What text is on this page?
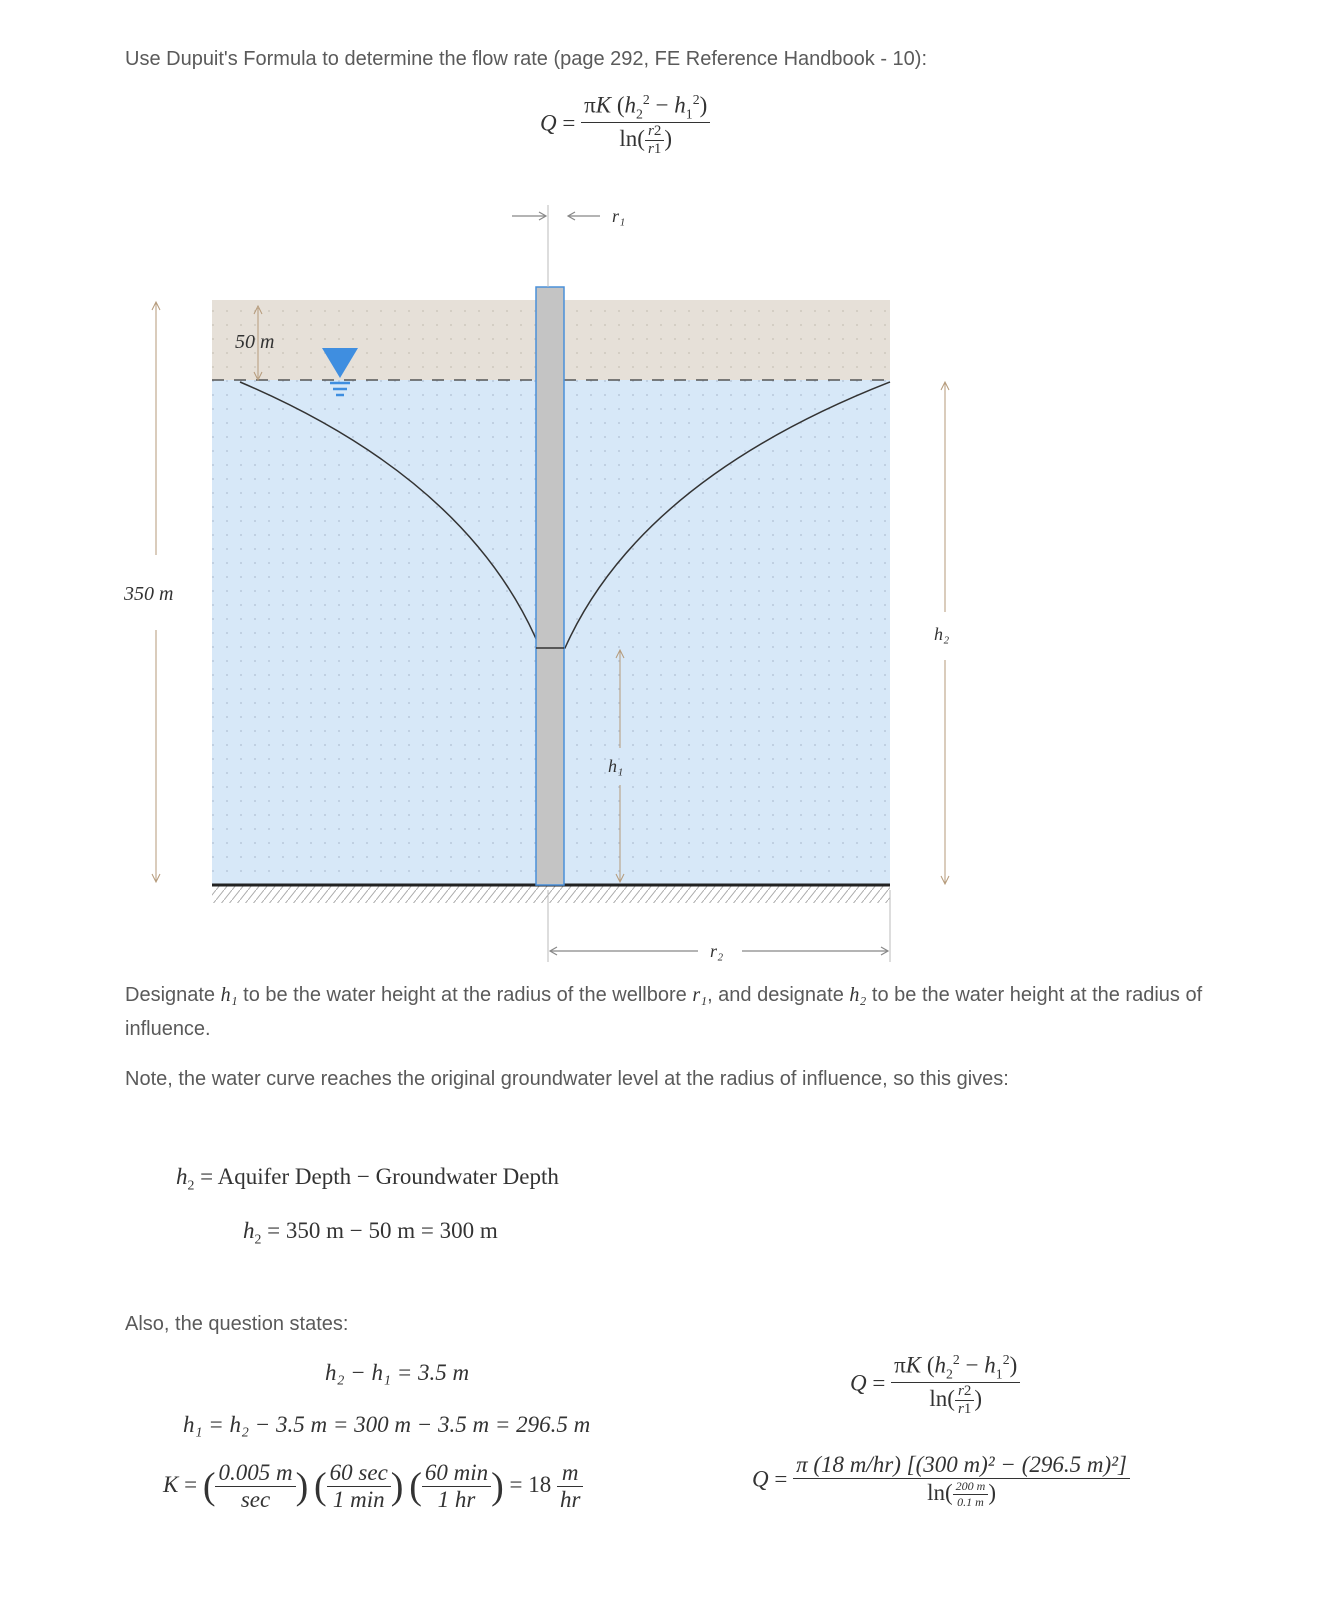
Use Dupuit's Formula to determine the flow rate (page 292, FE Reference Handbook - 10):
$Q = \frac{\pi K (h_2^2 - h_1^2)}{\ln( \frac{r2}{r1} )}$
r₁
50 m
350 m
h₁
h₂
r₂
Designate h₁ to be the water height at the radius of the wellbore r₁, and designate h₂ to be the water height at the radius of influence.
Note, the water curve reaches the original groundwater level at the radius of influence, so this gives:
$h_2$ = Aquifer Depth − Groundwater Depth
$h_2 = 350$ m − 50 m = 300 m
Also, the question states:
h₂ − h₁ = 3.5 m
h₁ = h₂ − 3.5 m = 300 m − 3.5 m = 296.5 m
K = ( $\frac{0.005 m}{\sec}$ ) ( $\frac{60 \sec}{1 \min}$ ) ( $\frac{60 \min}{1 hr}$ ) = $18 \frac{m}{hr}$
$Q = \frac{\pi K (h_2^2 - h_1^2)}{\ln( \frac{r2}{r1} )}$
$Q = \frac{\text{π (18 m/hr) [(300 m)² − (296.5 m)²]}}{\ln( \frac{200 m}{0.1 m} )}$
